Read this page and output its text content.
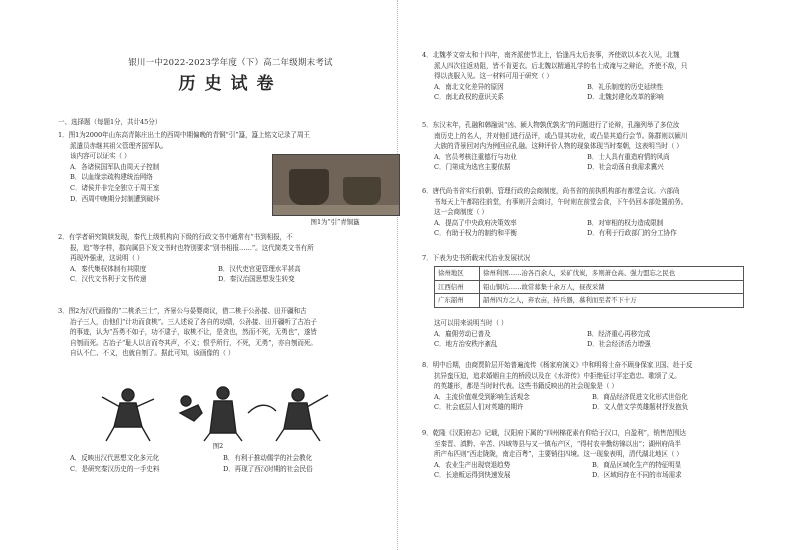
银川一中2022-2023学年度（下）高二年级期末考试
历史试卷
一、选择题（每题1分，共计45分）
1．图1为2000年山东高青陈庄出土的西周中期偏晚的青铜“引”簋，簋上铭文记录了周王
派遣员赤继其祖父管理齐国军队。
该内容可以证实（ ）
A．各诸侯国军队由周天子控制
B．以血缘亲疏构建统治网络
C．诸侯并非完全独立于周王室
D．西周中晚期分封制遭到破坏
图1为“引”青铜簋
2．有学者研究简牍发现，秦代上级机构向下级的行政文书中通常有“书到相报，不
报，追”等字样，郡向属县下发文书时也特别要求“别书相报……”。这代简类文书有所
再现外强隶，这说明（ ）
A．秦代集权体制有其限度	B．汉代吏官更管理水平甚高
C．汉代文书利于文书传递	D．秦汉治国思想发生转变
3．图2为汉代画像的“二桃杀三士”，齐景公与晏婴商议，借二桃于公孙接、田开疆和古
冶子三人，由他们“计功而食桃”。三人述说了各自的功绩，公孙接、田开疆听了古冶子
的事迹，认为“吾勇不如子，功不逮子，取桃不让，是贪也，然而不死，无勇也”，遂皆
自刎而死。古冶子“耻人以言而夸其声，不义；恨乎所行，不死，无勇”，亦自刎而死。
自认不仁、不义，也就自刎了。据此可知，该画像的（ ）
图2
A．反映出汉代思想文化多元化	B．有利于推动儒学的社会教化
C．是研究秦汉历史的一手史料	D．再现了西汉时期的社会民俗
4．北魏孝文帝太和十四年，南齐派使节北上，恰逢冯太后丧事，齐使欲以本衣入见，北魏
派人四次往返劝阻，皆不肯更衣。后北魏以精通礼学的名士成淹与之辩论，齐使不敌，只
得以丧服入见。这一材料可用于研究（ ）
A．南北文化差异的原因	B．礼乐制度的历史延续性
C．南北政权的意识关系	D．北魏封建化改革的影响
5．东汉末年，孔融和韩融说“凶、颍人物孰优孰劣”的问题进行了论辩，孔融列举了多位汝
南历史上的名人，并对他们进行品评，或凸显其功业，或凸显其道行会节。陈群则以颍川
大族的背景回对内为例回应孔融。这种评价人物的现象体现当时秦朝，这表明当时（ ）
A．官员考核注重德行与功业	B．士人具有重造府情的风尚
C．门第成为选官主要依据	D．社会动荡自我需求冀兴
6．唐代尚书省实行前朝、管理行政的会商制度，尚书省的前执机构部有都堂会议。六部尚
书每天上午都陪往前堂，有事则开会商讨，午时则在前堂会食，下午仍回本部处置前务。
这一会商制度（ ）
A．提高了中央政府决策效率	B．对审相的权力造成限制
C．有助于权力的制约和平衡	D．有利于行政部门的分工协作
7．下表为史书所载宋代冶业发展状况
徐州地区	徐州利国……冶各百余人，采矿伐炭，多则萧仓高、强力盟忘之民也
江西信州	铅山铜坑……故常募集十余万人，昼夜采凿
广东韶州	韶州四方之人，弃农亩，持兵器，慕利而至者不下十万
这可以用来说明当时（ ）
A．雇佣劳动已普及	B．经济重心再移完成
C．地方治安秩序紊乱	D．社会经济活力增强
8．明中后期，由商贾阶层开始普遍流传《杨家府演义》中和明将士奋不顾身保家卫国、赴于反
抗异蛮压迫，追求婚姻自主的桥段以及在《水浒传》中拒绝征讨平定造忠、歌颂了义。
的英雄形，都是当时时代表。这些书籍反映出的社会现象是（ ）
A．主流价值观受到影响生活观念	B．商品经济促进文化形式世俗化
C．社会底层人们对英雄的期许	D．文人借文学英雄题材抒发抱负
9．乾隆《汉阳府志》记载，汉阳府下属的“四州棉花素有仰给于汉口，自盈利”，销售范围达
至秦晋、滇黔、辛苦、四域等县与又一镇布产区，“得村农辛勤纺锦以出”；湖州府尚半
所产布匹则“西走陇陇，南走百粤”，主要销往四境。这一现象表明，清代湖北地区（ ）
A．农业生产出现衰退趋势	B．商品区域化生产的特征明显
C．长途贩运得到快速发展	D．区域间存在不同的市场需求
